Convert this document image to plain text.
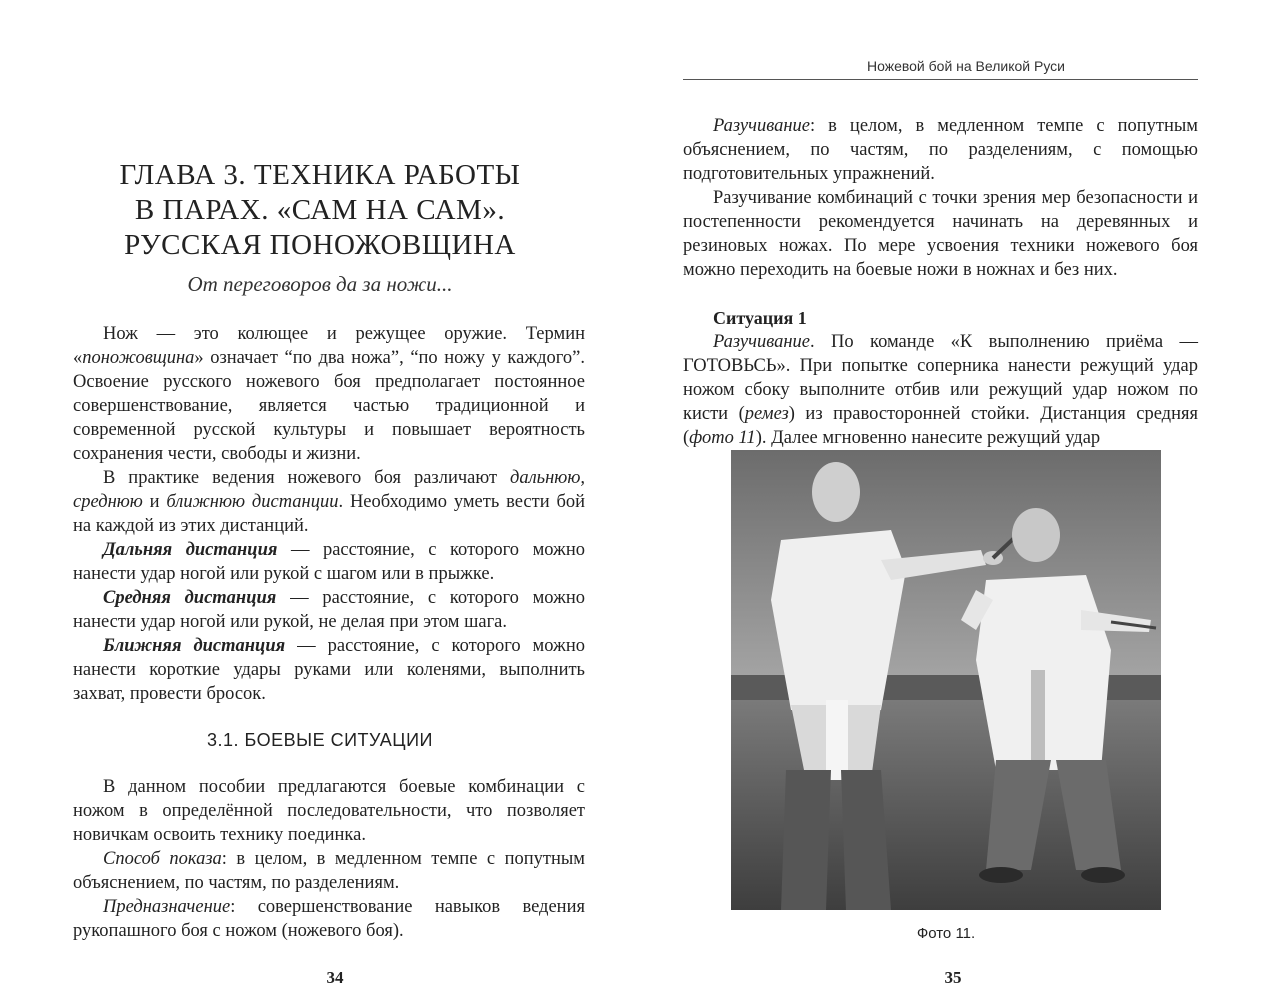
ГЛАВА 3. ТЕХНИКА РАБОТЫ
В ПАРАХ. «САМ НА САМ».
РУССКАЯ ПОНОЖОВЩИНА
От переговоров да за ножи...

Нож — это колющее и режущее оружие. Термин «поножовщина» означает “по два ножа”, “по ножу у каждого”. Освоение русского ножевого боя предполагает постоянное совершенствование, является частью традиционной и современной русской культуры и повышает вероятность сохранения чести, свободы и жизни.

В практике ведения ножевого боя различают дальнюю, среднюю и ближнюю дистанции. Необходимо уметь вести бой на каждой из этих дистанций.

Дальняя дистанция — расстояние, с которого можно нанести удар ногой или рукой с шагом или в прыжке.

Средняя дистанция — расстояние, с которого можно нанести удар ногой или рукой, не делая при этом шага.

Ближняя дистанция — расстояние, с которого можно нанести короткие удары руками или коленями, выполнить захват, провести бросок.

3.1. БОЕВЫЕ СИТУАЦИИ

В данном пособии предлагаются боевые комбинации с ножом в определённой последовательности, что позволяет новичкам освоить технику поединка.

Способ показа: в целом, в медленном темпе с попутным объяснением, по частям, по разделениям.

Предназначение: совершенствование навыков ведения рукопашного боя с ножом (ножевого боя).

34
Ножевой бой на Великой Руси

Разучивание: в целом, в медленном темпе с попутным объяснением, по частям, по разделениям, с помощью подготовительных упражнений.

Разучивание комбинаций с точки зрения мер безопасности и постепенности рекомендуется начинать на деревянных и резиновых ножах. По мере усвоения техники ножевого боя можно переходить на боевые ножи в ножнах и без них.

Ситуация 1

Разучивание. По команде «К выполнению приёма — ГОТОВЬСЬ». При попытке соперника нанести режущий удар ножом сбоку выполните отбив или режущий удар ножом по кисти (ремез) из правосторонней стойки. Дистанция средняя (фото 11). Далее мгновенно нанесите режущий удар

Фото 11.
35
